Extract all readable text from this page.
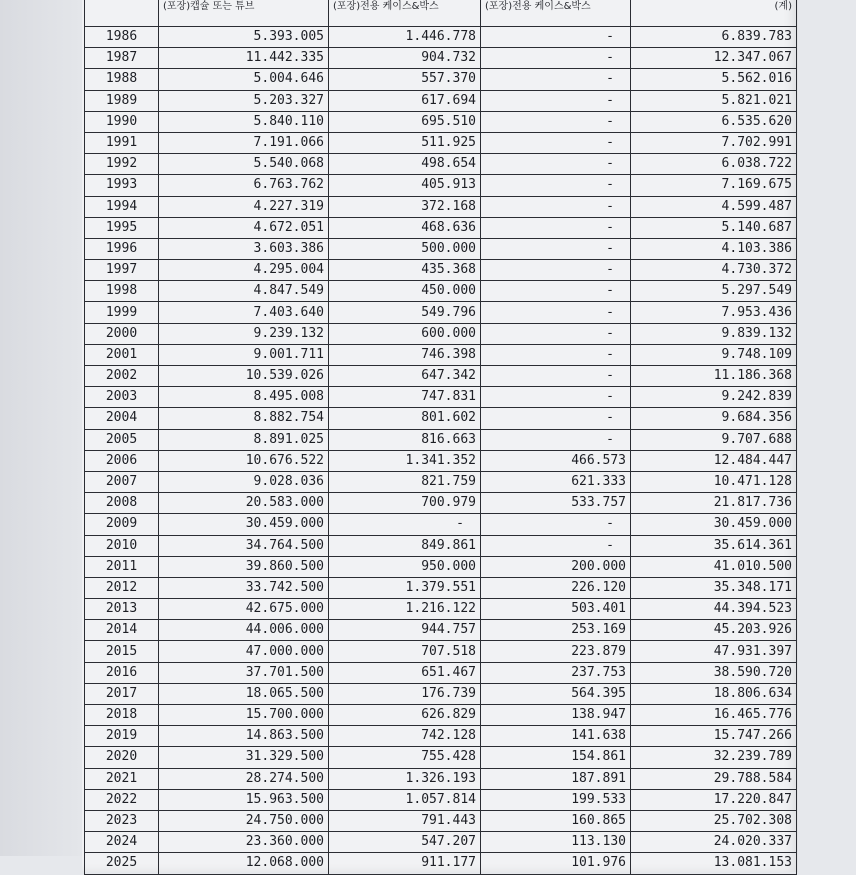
	(포장)캡슐 또는 튜브	(포장)전용 케이스&박스	(포장)전용 케이스&박스	(계)
1986	5.393.005	1.446.778	-	6.839.783
1987	11.442.335	904.732	-	12.347.067
1988	5.004.646	557.370	-	5.562.016
1989	5.203.327	617.694	-	5.821.021
1990	5.840.110	695.510	-	6.535.620
1991	7.191.066	511.925	-	7.702.991
1992	5.540.068	498.654	-	6.038.722
1993	6.763.762	405.913	-	7.169.675
1994	4.227.319	372.168	-	4.599.487
1995	4.672.051	468.636	-	5.140.687
1996	3.603.386	500.000	-	4.103.386
1997	4.295.004	435.368	-	4.730.372
1998	4.847.549	450.000	-	5.297.549
1999	7.403.640	549.796	-	7.953.436
2000	9.239.132	600.000	-	9.839.132
2001	9.001.711	746.398	-	9.748.109
2002	10.539.026	647.342	-	11.186.368
2003	8.495.008	747.831	-	9.242.839
2004	8.882.754	801.602	-	9.684.356
2005	8.891.025	816.663	-	9.707.688
2006	10.676.522	1.341.352	466.573	12.484.447
2007	9.028.036	821.759	621.333	10.471.128
2008	20.583.000	700.979	533.757	21.817.736
2009	30.459.000	-	-	30.459.000
2010	34.764.500	849.861	-	35.614.361
2011	39.860.500	950.000	200.000	41.010.500
2012	33.742.500	1.379.551	226.120	35.348.171
2013	42.675.000	1.216.122	503.401	44.394.523
2014	44.006.000	944.757	253.169	45.203.926
2015	47.000.000	707.518	223.879	47.931.397
2016	37.701.500	651.467	237.753	38.590.720
2017	18.065.500	176.739	564.395	18.806.634
2018	15.700.000	626.829	138.947	16.465.776
2019	14.863.500	742.128	141.638	15.747.266
2020	31.329.500	755.428	154.861	32.239.789
2021	28.274.500	1.326.193	187.891	29.788.584
2022	15.963.500	1.057.814	199.533	17.220.847
2023	24.750.000	791.443	160.865	25.702.308
2024	23.360.000	547.207	113.130	24.020.337
2025	12.068.000	911.177	101.976	13.081.153
